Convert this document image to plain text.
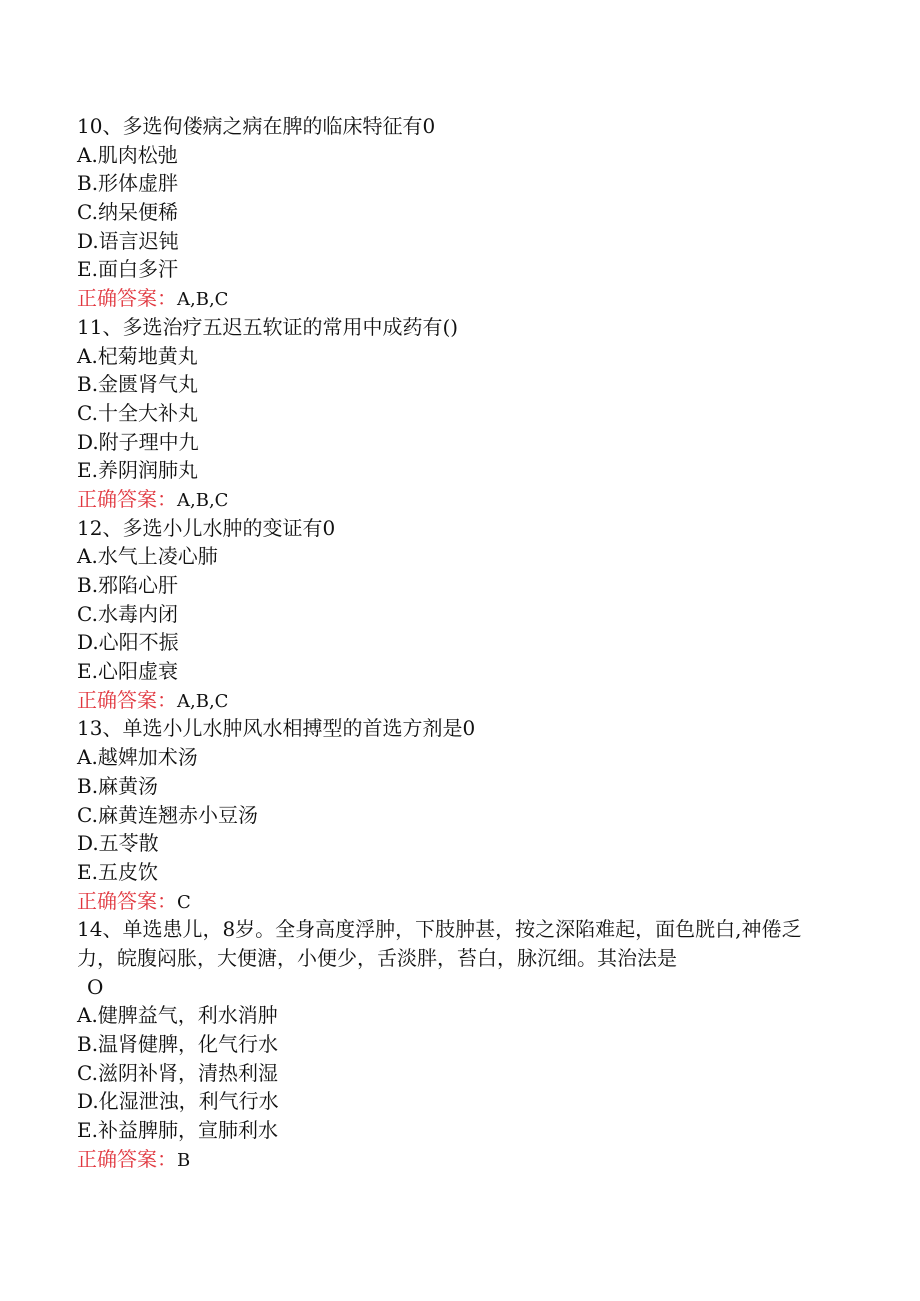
10、多选佝偻病之病在脾的临床特征有0
A.肌肉松弛
B.形体虚胖
C.纳呆便稀
D.语言迟钝
E.面白多汗
正确答案：A,B,C
11、多选治疗五迟五软证的常用中成药有()
A.杞菊地黄丸
B.金匮肾气丸
C.十全大补丸
D.附子理中九
E.养阴润肺丸
正确答案：A,B,C
12、多选小儿水肿的变证有0
A.水气上凌心肺
B.邪陷心肝
C.水毒内闭
D.心阳不振
E.心阳虚衰
正确答案：A,B,C
13、单选小儿水肿风水相搏型的首选方剂是0
A.越婢加术汤
B.麻黄汤
C.麻黄连翘赤小豆汤
D.五苓散
E.五皮饮
正确答案：C
14、单选患儿，8岁。全身高度浮肿，下肢肿甚，按之深陷难起，面色胱白,神倦乏力，皖腹闷胀，大便溏，小便少，舌淡胖，苔白，脉沉细。其治法是
O
A.健脾益气，利水消肿
B.温肾健脾，化气行水
C.滋阴补肾，清热利湿
D.化湿泄浊，利气行水
E.补益脾肺，宣肺利水
正确答案：B
